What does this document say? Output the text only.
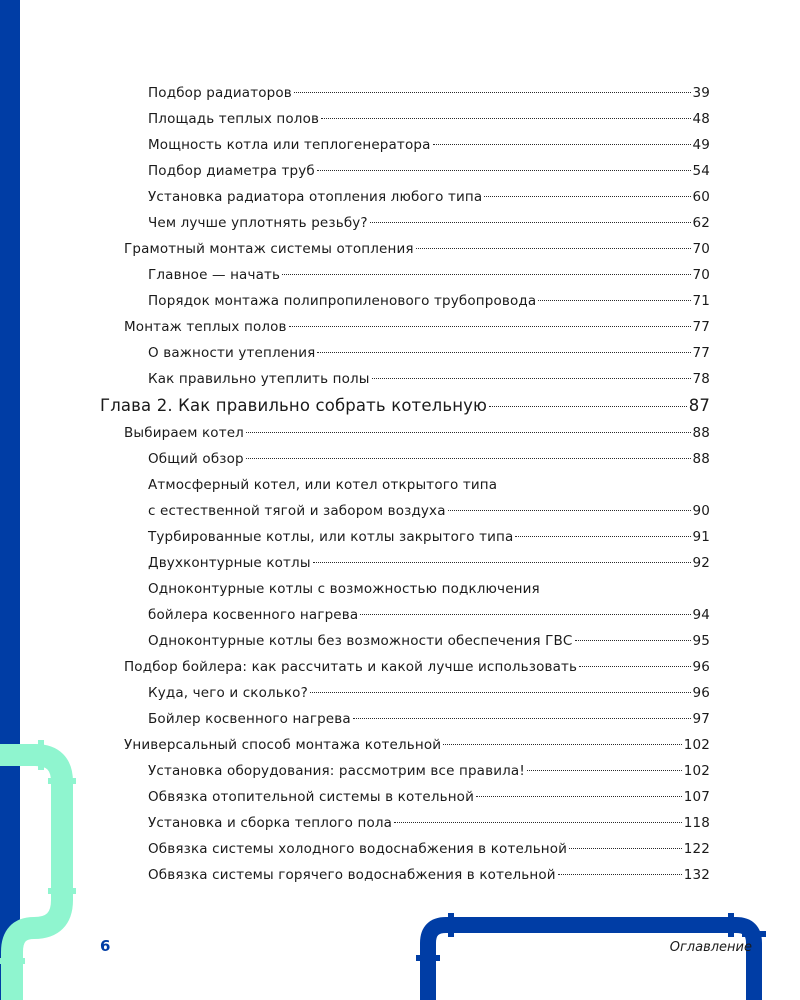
Подбор радиаторов	39
Площадь теплых полов	48
Мощность котла или теплогенератора	49
Подбор диаметра труб	54
Установка радиатора отопления любого типа	60
Чем лучше уплотнять резьбу?	62
Грамотный монтаж системы отопления	70
Главное — начать	70
Порядок монтажа полипропиленового трубопровода	71
Монтаж теплых полов	77
О важности утепления	77
Как правильно утеплить полы	78
Глава 2. Как правильно собрать котельную	87
Выбираем котел	88
Общий обзор	88
Атмосферный котел, или котел открытого типа
с естественной тягой и забором воздуха	90
Турбированные котлы, или котлы закрытого типа	91
Двухконтурные котлы	92
Одноконтурные котлы с возможностью подключения
бойлера косвенного нагрева	94
Одноконтурные котлы без возможности обеспечения ГВС	95
Подбор бойлера: как рассчитать и какой лучше использовать	96
Куда, чего и сколько?	96
Бойлер косвенного нагрева	97
Универсальный способ монтажа котельной	102
Установка оборудования: рассмотрим все правила!	102
Обвязка отопительной системы в котельной	107
Установка и сборка теплого пола	118
Обвязка системы холодного водоснабжения в котельной	122
Обвязка системы горячего водоснабжения в котельной	132
6	Оглавление
